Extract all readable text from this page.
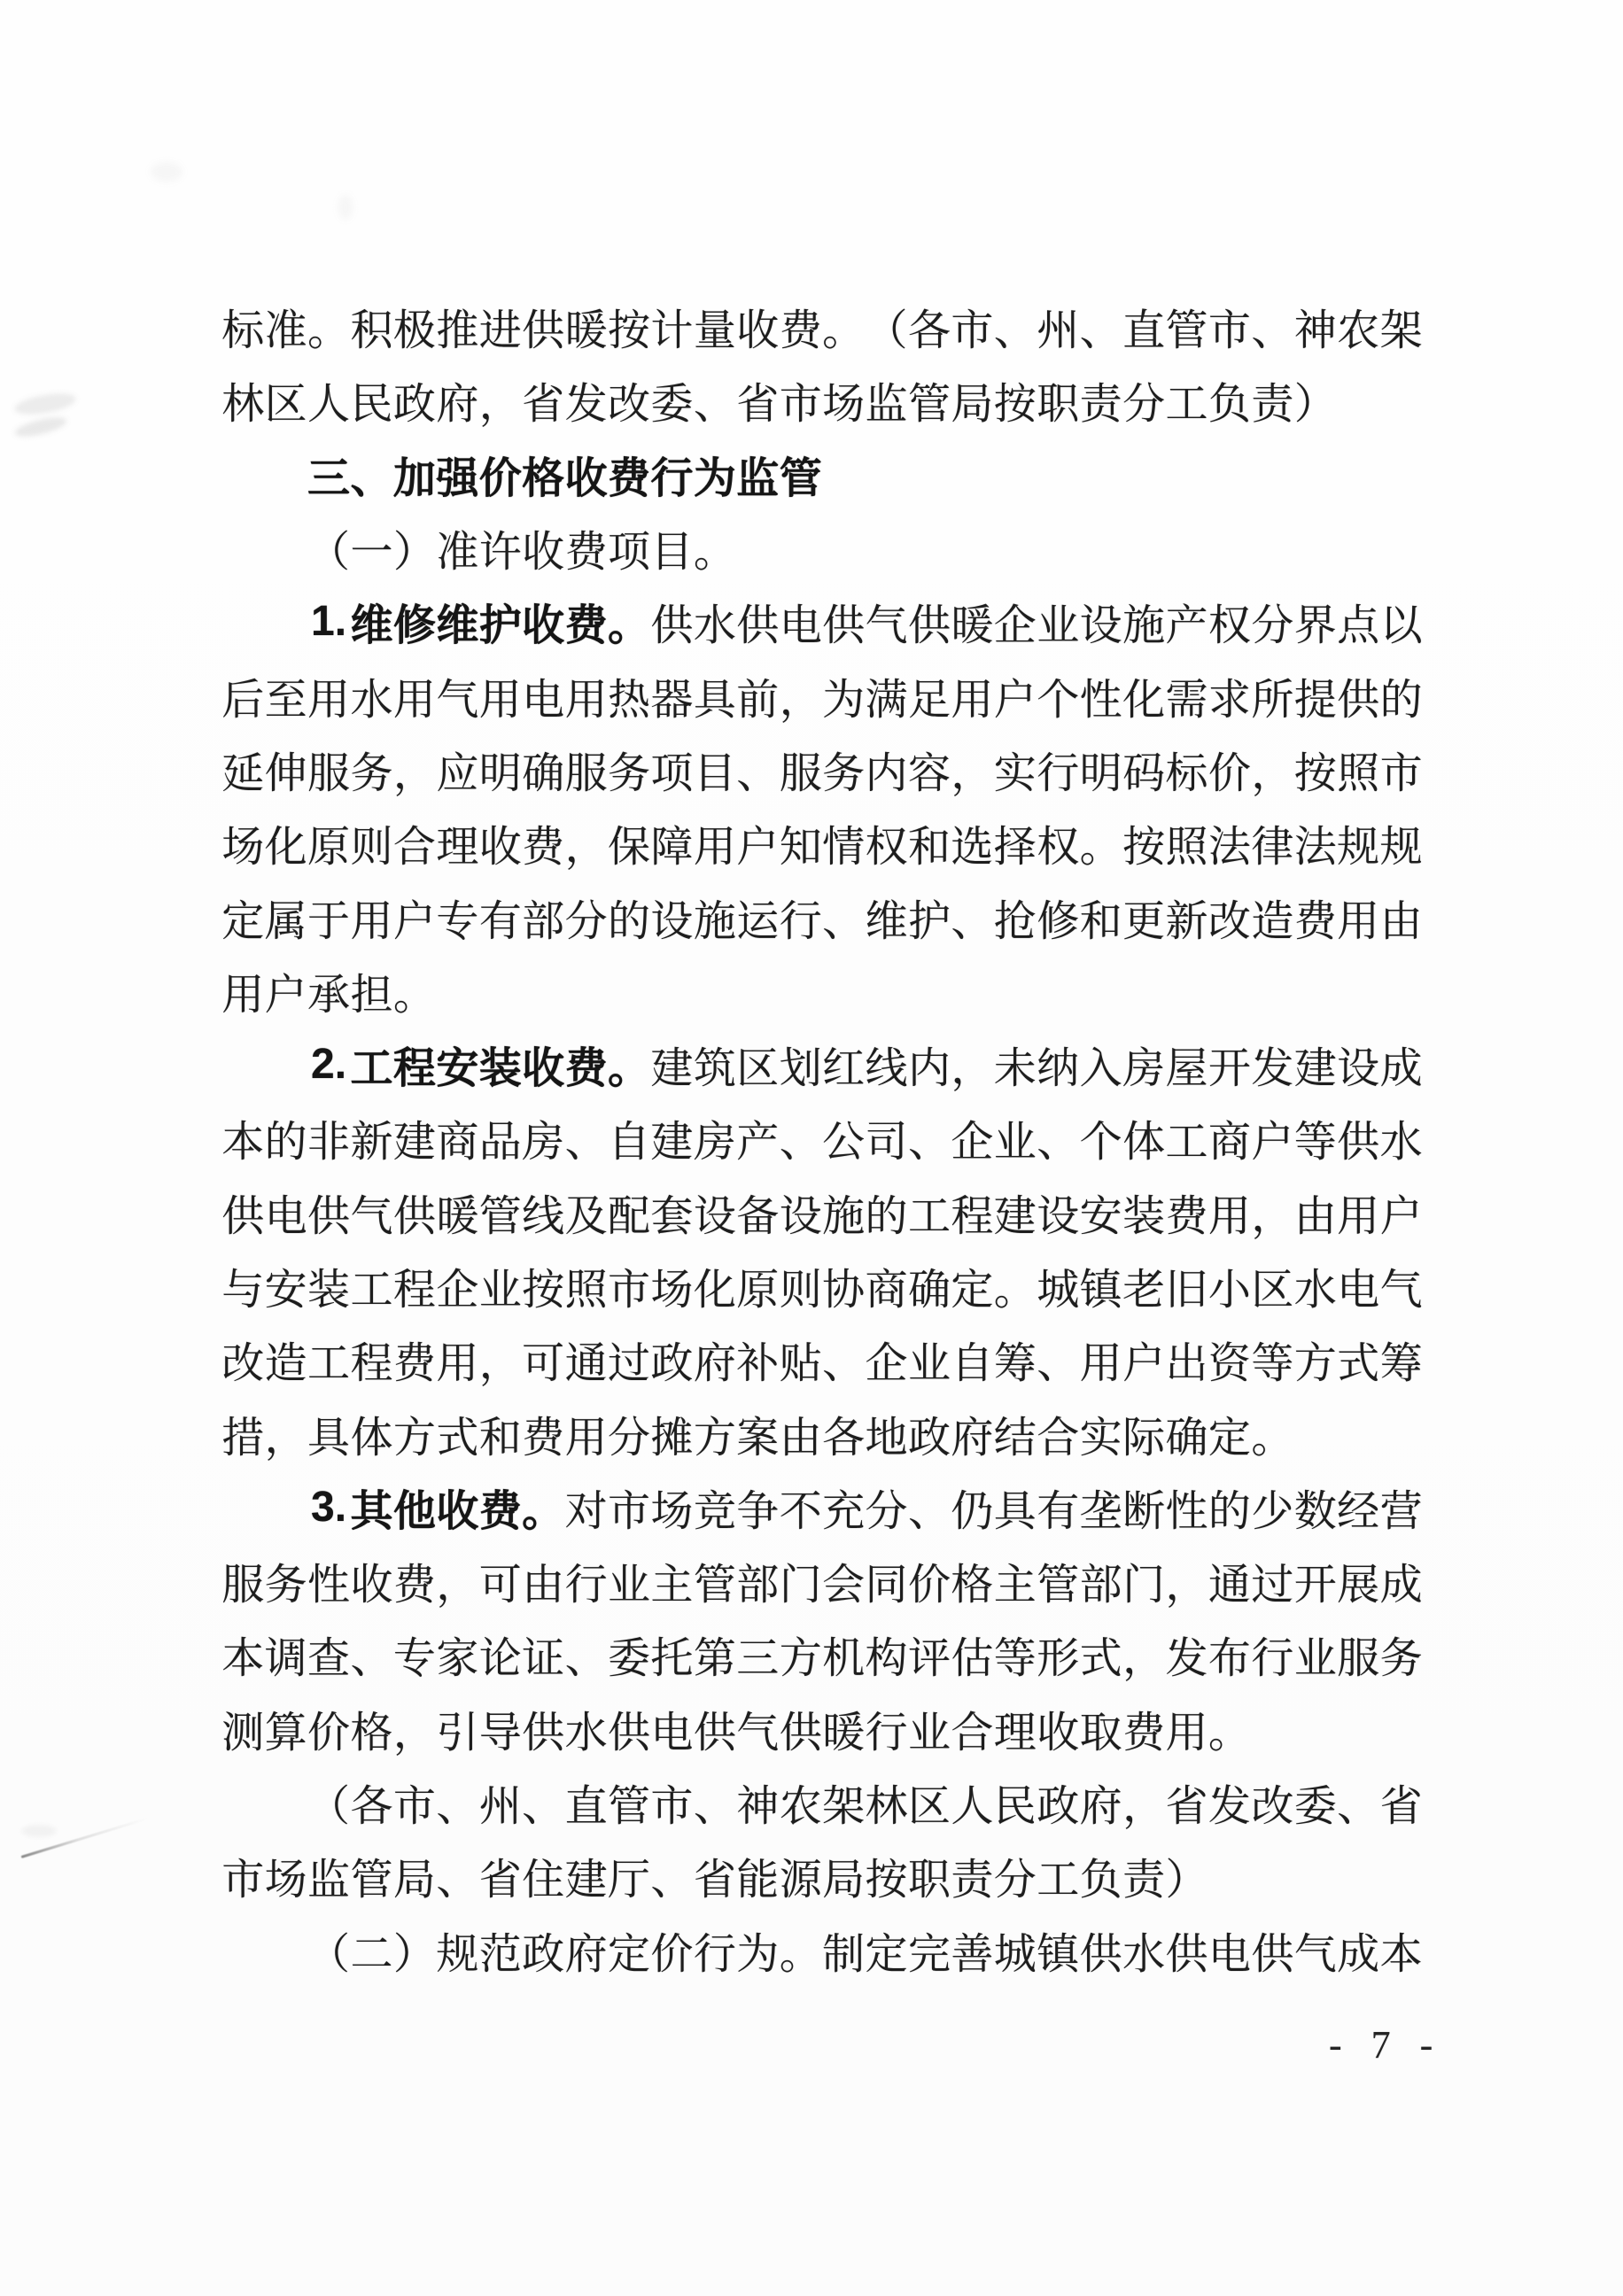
标 准 。 积 极 推 进 供 暖 按 计 量 收 费 。 （ 各 市 、 州 、 直 管 市 、 神 农 架
林 区 人 民 政 府 ， 省 发 改 委 、 省 市 场 监 管 局 按 职 责 分 工 负 责 ）

三 、 加 强 价 格 收 费 行 为 监 管

（ 一 ） 准 许 收 费 项 目 。

1. 维 修 维 护 收 费 。 供 水 供 电 供 气 供 暖 企 业 设 施 产 权 分 界 点 以
后 至 用 水 用 气 用 电 用 热 器 具 前 ， 为 满 足 用 户 个 性 化 需 求 所 提 供 的
延 伸 服 务 ， 应 明 确 服 务 项 目 、 服 务 内 容 ， 实 行 明 码 标 价 ， 按 照 市
场 化 原 则 合 理 收 费 ， 保 障 用 户 知 情 权 和 选 择 权 。 按 照 法 律 法 规 规
定 属 于 用 户 专 有 部 分 的 设 施 运 行 、 维 护 、 抢 修 和 更 新 改 造 费 用 由
用 户 承 担 。

2. 工 程 安 装 收 费 。 建 筑 区 划 红 线 内 ， 未 纳 入 房 屋 开 发 建 设 成
本 的 非 新 建 商 品 房 、 自 建 房 产 、 公 司 、 企 业 、 个 体 工 商 户 等 供 水
供 电 供 气 供 暖 管 线 及 配 套 设 备 设 施 的 工 程 建 设 安 装 费 用 ， 由 用 户
与 安 装 工 程 企 业 按 照 市 场 化 原 则 协 商 确 定 。 城 镇 老 旧 小 区 水 电 气
改 造 工 程 费 用 ， 可 通 过 政 府 补 贴 、 企 业 自 筹 、 用 户 出 资 等 方 式 筹
措 ， 具 体 方 式 和 费 用 分 摊 方 案 由 各 地 政 府 结 合 实 际 确 定 。

3. 其 他 收 费 。 对 市 场 竞 争 不 充 分 、 仍 具 有 垄 断 性 的 少 数 经 营
服 务 性 收 费 ， 可 由 行 业 主 管 部 门 会 同 价 格 主 管 部 门 ， 通 过 开 展 成
本 调 查 、 专 家 论 证 、 委 托 第 三 方 机 构 评 估 等 形 式 ， 发 布 行 业 服 务
测 算 价 格 ， 引 导 供 水 供 电 供 气 供 暖 行 业 合 理 收 取 费 用 。

（ 各 市 、 州 、 直 管 市 、 神 农 架 林 区 人 民 政 府 ， 省 发 改 委 、 省
市 场 监 管 局 、 省 住 建 厅 、 省 能 源 局 按 职 责 分 工 负 责 ）

（ 二 ） 规 范 政 府 定 价 行 为 。 制 定 完 善 城 镇 供 水 供 电 供 气 成 本
- 7 -
